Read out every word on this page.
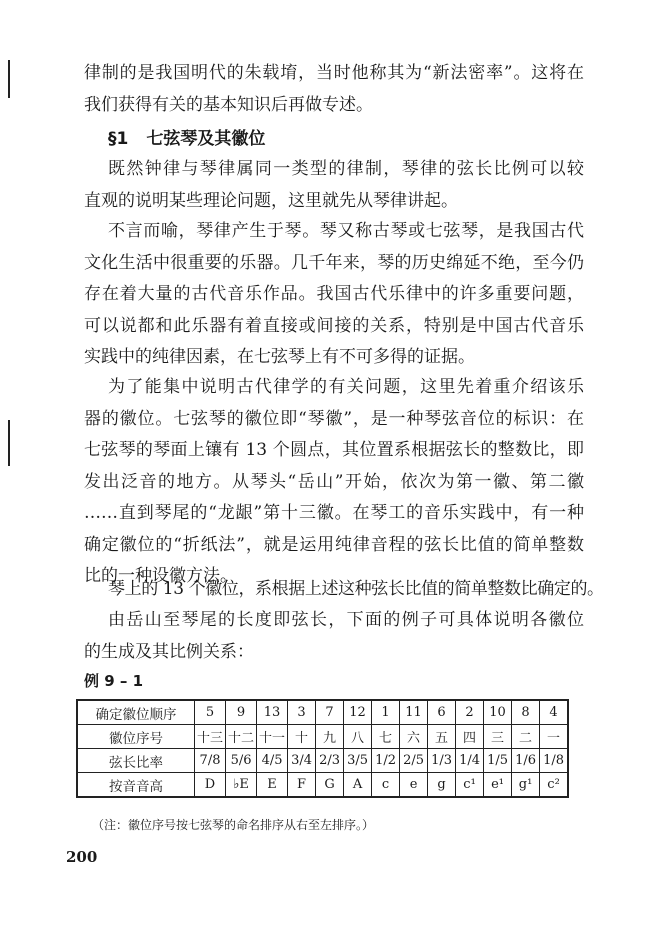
律制的是我国明代的朱载堉，当时他称其为“新法密率”。这将在
我们获得有关的基本知识后再做专述。
§1 七弦琴及其徽位
既然钟律与琴律属同一类型的律制，琴律的弦长比例可以较
直观的说明某些理论问题，这里就先从琴律讲起。
不言而喻，琴律产生于琴。琴又称古琴或七弦琴，是我国古代
文化生活中很重要的乐器。几千年来，琴的历史绵延不绝，至今仍
存在着大量的古代音乐作品。我国古代乐律中的许多重要问题，
可以说都和此乐器有着直接或间接的关系，特别是中国古代音乐
实践中的纯律因素，在七弦琴上有不可多得的证据。
为了能集中说明古代律学的有关问题，这里先着重介绍该乐
器的徽位。七弦琴的徽位即“琴徽”，是一种琴弦音位的标识：在
七弦琴的琴面上镶有 13 个圆点，其位置系根据弦长的整数比，即
发出泛音的地方。从琴头“岳山”开始，依次为第一徽、第二徽
……直到琴尾的“龙龈”第十三徽。在琴工的音乐实践中，有一种
确定徽位的“折纸法”，就是运用纯律音程的弦长比值的简单整数
比的一种设徽方法。
琴上的 13 个徽位，系根据上述这种弦长比值的简单整数比确定的。
由岳山至琴尾的长度即弦长，下面的例子可具体说明各徽位
的生成及其比例关系：
例 9 – 1
确定徽位顺序	5	9	13	3	7	12	1	11	6	2	10	8	4
徽位序号	十三	十二	十一	十	九	八	七	六	五	四	三	二	一
弦长比率	7/8	5/6	4/5	3/4	2/3	3/5	1/2	2/5	1/3	1/4	1/5	1/6	1/8
按音音高	D	♭E	E	F	G	A	c	e	g	c¹	e¹	g¹	c²
（注：徽位序号按七弦琴的命名排序从右至左排序。）
200
